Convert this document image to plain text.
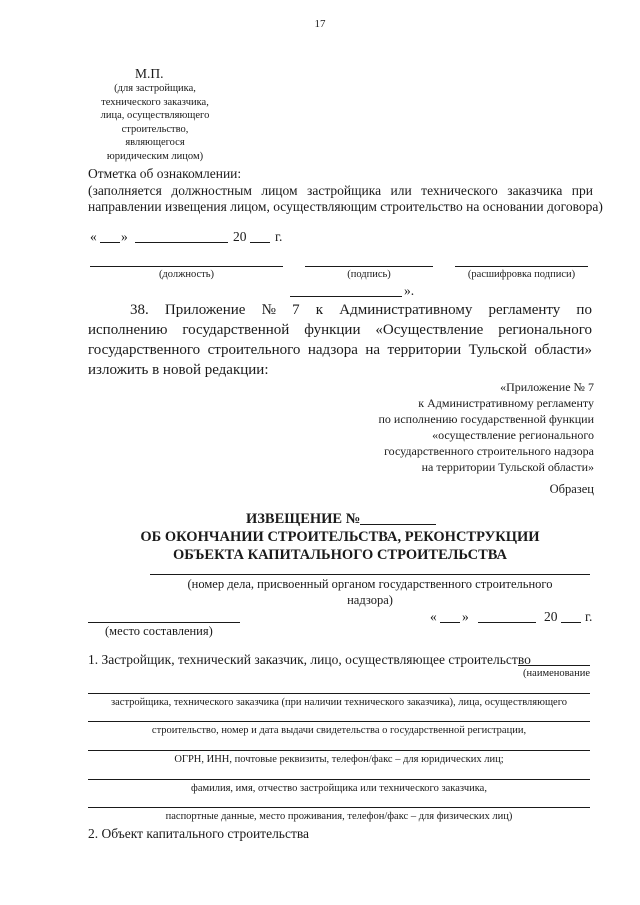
17
М.П.
(для застройщика,
технического заказчика,
лица, осуществляющего
строительство,
являющегося
юридическим лицом)
Отметка об ознакомлении:
(заполняется должностным лицом застройщика или технического заказчика при
направлении извещения лицом, осуществляющим строительство на основании договора)
« »	20 г.
(должность)	(подпись)	(расшифровка подписи)
».
38. Приложение № 7 к Административному регламенту по
исполнению государственной функции «Осуществление регионального
государственного строительного надзора на территории Тульской области»
изложить в новой редакции:
«Приложение № 7
к Административному регламенту
по исполнению государственной функции
«осуществление регионального
государственного строительного надзора
на территории Тульской области»
Образец
ИЗВЕЩЕНИЕ №
ОБ ОКОНЧАНИИ СТРОИТЕЛЬСТВА, РЕКОНСТРУКЦИИ
ОБЪЕКТА КАПИТАЛЬНОГО СТРОИТЕЛЬСТВА
(номер дела, присвоенный органом государственного строительного
надзора)
(место составления)
« »	20 г.
1. Застройщик, технический заказчик, лицо, осуществляющее строительство
(наименование
застройщика, технического заказчика (при наличии технического заказчика), лица, осуществляющего
строительство, номер и дата выдачи свидетельства о государственной регистрации,
ОГРН, ИНН, почтовые реквизиты, телефон/факс – для юридических лиц;
фамилия, имя, отчество застройщика или технического заказчика,
паспортные данные, место проживания, телефон/факс – для физических лиц)
2. Объект капитального строительства
